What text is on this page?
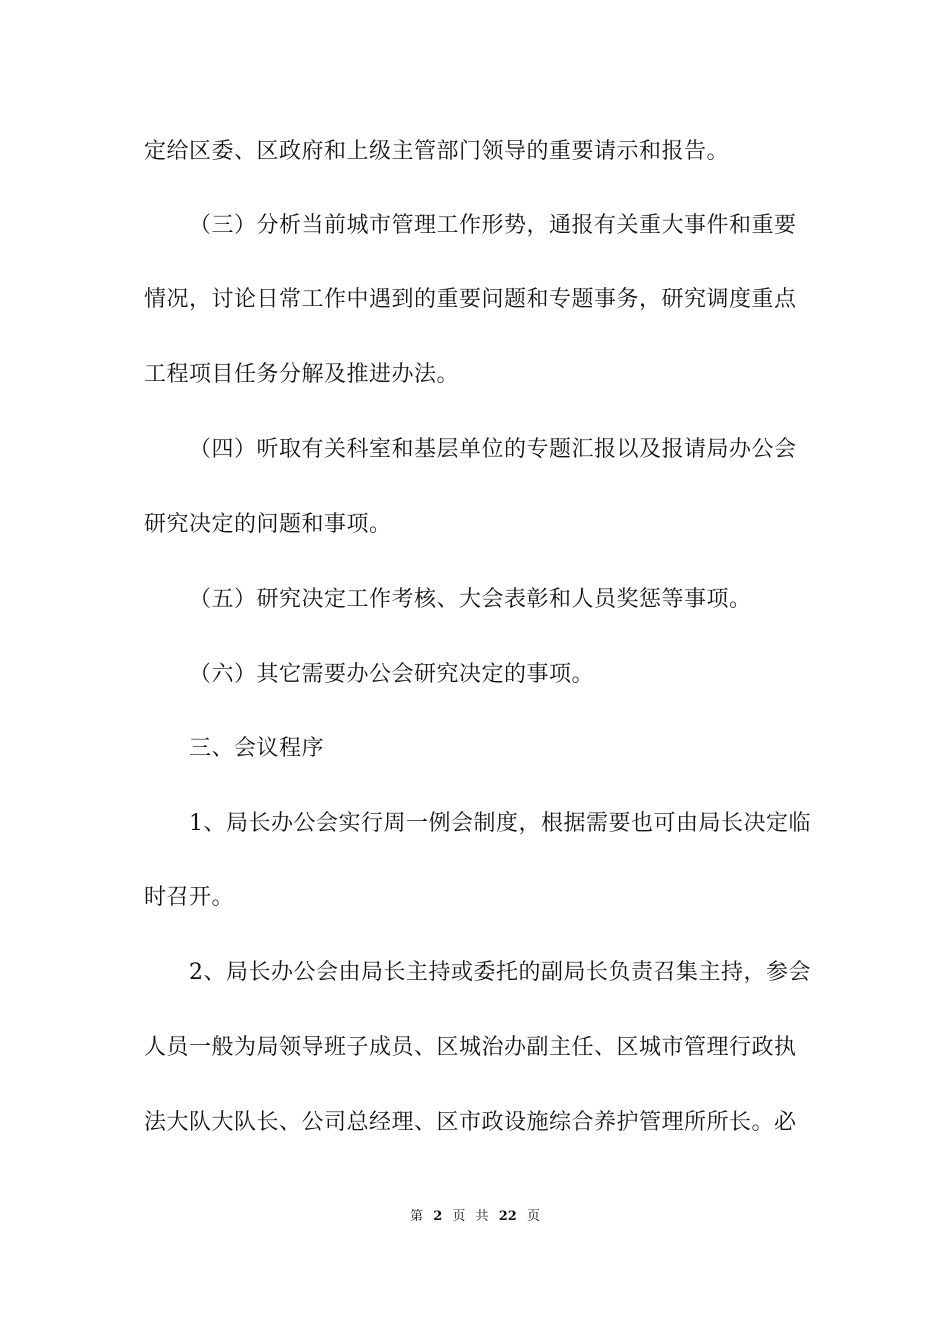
定给区委、区政府和上级主管部门领导的重要请示和报告。
（三）分析当前城市管理工作形势，通报有关重大事件和重要
情况，讨论日常工作中遇到的重要问题和专题事务，研究调度重点
工程项目任务分解及推进办法。
（四）听取有关科室和基层单位的专题汇报以及报请局办公会
研究决定的问题和事项。
（五）研究决定工作考核、大会表彰和人员奖惩等事项。
（六）其它需要办公会研究决定的事项。
三、会议程序
1、局长办公会实行周一例会制度，根据需要也可由局长决定临
时召开。
2、局长办公会由局长主持或委托的副局长负责召集主持，参会
人员一般为局领导班子成员、区城治办副主任、区城市管理行政执
法大队大队长、公司总经理、区市政设施综合养护管理所所长。必
第 2 页 共 22 页
